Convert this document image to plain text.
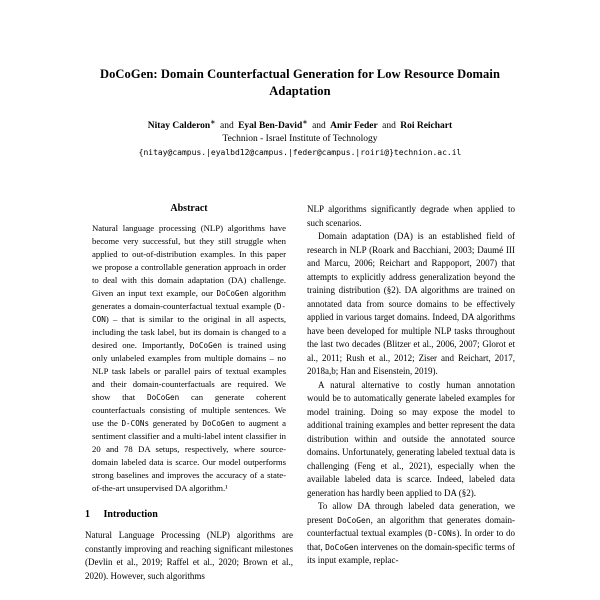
DoCoGen: Domain Counterfactual Generation for Low Resource Domain Adaptation
Nitay Calderon∗ and Eyal Ben-David∗ and Amir Feder and Roi Reichart
Technion - Israel Institute of Technology
{nitay@campus.|eyalbd12@campus.|feder@campus.|roiri@}technion.ac.il
Abstract

Natural language processing (NLP) algorithms have become very successful, but they still struggle when applied to out-of-distribution examples. In this paper we propose a controllable generation approach in order to deal with this domain adaptation (DA) challenge. Given an input text example, our DoCoGen algorithm generates a domain-counterfactual textual example (D-CON) – that is similar to the original in all aspects, including the task label, but its domain is changed to a desired one. Importantly, DoCoGen is trained using only unlabeled examples from multiple domains – no NLP task labels or parallel pairs of textual examples and their domain-counterfactuals are required. We show that DoCoGen can generate coherent counterfactuals consisting of multiple sentences. We use the D-CONs generated by DoCoGen to augment a sentiment classifier and a multi-label intent classifier in 20 and 78 DA setups, respectively, where source-domain labeled data is scarce. Our model outperforms strong baselines and improves the accuracy of a state-of-the-art unsupervised DA algorithm.¹

1 Introduction

Natural Language Processing (NLP) algorithms are constantly improving and reaching significant milestones (Devlin et al., 2019; Raffel et al., 2020; Brown et al., 2020). However, such algorithms

NLP algorithms significantly degrade when applied to such scenarios.

Domain adaptation (DA) is an established field of research in NLP (Roark and Bacchiani, 2003; Daumé III and Marcu, 2006; Reichart and Rappoport, 2007) that attempts to explicitly address generalization beyond the training distribution (§2). DA algorithms are trained on annotated data from source domains to be effectively applied in various target domains. Indeed, DA algorithms have been developed for multiple NLP tasks throughout the last two decades (Blitzer et al., 2006, 2007; Glorot et al., 2011; Rush et al., 2012; Ziser and Reichart, 2017, 2018a,b; Han and Eisenstein, 2019).

A natural alternative to costly human annotation would be to automatically generate labeled examples for model training. Doing so may expose the model to additional training examples and better represent the data distribution within and outside the annotated source domains. Unfortunately, generating labeled textual data is challenging (Feng et al., 2021), especially when the available labeled data is scarce. Indeed, labeled data generation has hardly been applied to DA (§2).

To allow DA through labeled data generation, we present DoCoGen, an algorithm that generates domain-counterfactual textual examples (D-CONs). In order to do that, DoCoGen intervenes on the domain-specific terms of its input example, replac-
